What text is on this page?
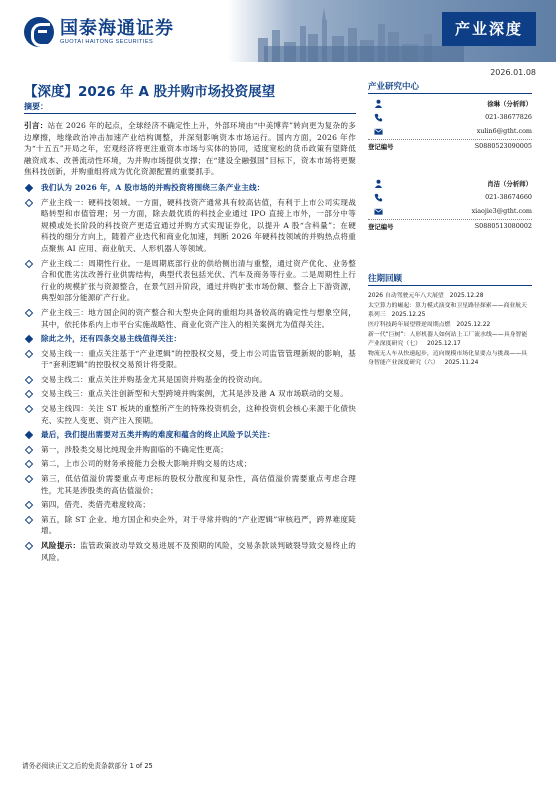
国泰海通证券
GUOTAI HAITONG SECURITIES
产业深度
2026.01.08
【深度】2026 年 A 股并购市场投资展望
摘要：
引言：站在 2026 年的起点，全球经济不确定性上升，外部环境由“中美博弈”转向更为复杂的多边摩擦，地缘政治冲击加速产业结构调整，并深刻影响资本市场运行。国内方面，2026 年作为“十五五”开局之年，宏观经济将更注重资本市场与实体的协同，适度宽松的货币政策有望降低融资成本、改善流动性环境，为并购市场提供支撑；在“建设全融强国”目标下，资本市场将更聚焦科技创新，并购重组将成为优化资源配置的重要抓手。
我们认为 2026 年，A 股市场的并购投资将围绕三条产业主线：
产业主线一：硬科技领域。一方面，硬科技资产通常具有较高估值，有利于上市公司实现战略转型和市值管理；另一方面，除去最优质的科技企业通过 IPO 直接上市外，一部分中等规模或处长阶段的科技资产更适宜通过并购方式实现证券化，以提升 A 股“含科量”；在硬科技的细分方向上，随着产业迭代和商业化加速，判断 2026 年硬科技领域的并购热点将重点聚焦 AI 应用、商业航天、人形机器人等领域。
产业主线二：周期性行业。一是周期底部行业的供给侧出清与重整，通过资产优化、业务整合和优胜劣汰改善行业供需结构，典型代表包括光伏、汽车及商务等行业。二是周期性上行行业的规模扩张与资源整合，在景气回升阶段，通过并购扩张市场份额、整合上下游资源，典型如部分能源矿产行业。
产业主线三：地方国企间的资产整合和大型央企间的重组均具备较高的确定性与想象空间，其中，依托体系内上市平台实施战略性、商业化资产注入的相关案例尤为值得关注。
除此之外，还有四条交易主线值得关注：
交易主线一：重点关注基于“产业逻辑”的控股权交易，受上市公司监管管理新规的影响，基于“套利逻辑”的控股权交易预计将受限。
交易主线二：重点关注并购基金尤其是国资并购基金的投资动向。
交易主线三：重点关注创新型和大型跨境并购案例，尤其是涉及港 A 双市场联动的交易。
交易主线四：关注 ST 板块的重整所产生的特殊投资机会，这种投资机会核心来源于化债快充、实控人变更、资产注入预期。
最后，我们提出需要对五类并购的难度和蕴含的终止风险予以关注：
第一，涉股类交易比纯现金并购面临的不确定性更高；
第二，上市公司的财务承接能力会极大影响并购交易的达成；
第三，低估值溢价需要重点考虑标的股权分散度和复杂性，高估值溢价需要重点考虑合理性，尤其是涉股类的高估值溢价；
第四，借壳、类借壳难度较高；
第五，除 ST 企业、地方国企和央企外，对于寻常并购的“产业逻辑”审核趋严，跨界难度陡增。
风险提示：监管政策波动导致交易进展不及预期的风险，交易条款谈判破裂导致交易终止的风险。
产业研究中心
徐琳（分析师）
021-38677826
xulin6@gtht.com
登记编号	S0880523090005
肖洁（分析师）
021-38674660
xiaojie3@gtht.com
登记编号	S0880513080002
往期回顾
2026 自动驾驶元年八大展望 2025.12.28
太空算力的崛起：算力模式演变和卫星路径探索——商业航天系列三 2025.12.25
医疗科技跨年展望暨逆周期点燃 2025.12.22
新一代“巨树”：人形机器人如何站上工厂流水线——具身智能产业深度研究（七） 2025.12.17
物流无人车从快速起步，迈向规模市场化显要点与挑战——具身智能产业深度研究（六） 2025.11.24
请务必阅读正文之后的免责条款部分 1 of 25
